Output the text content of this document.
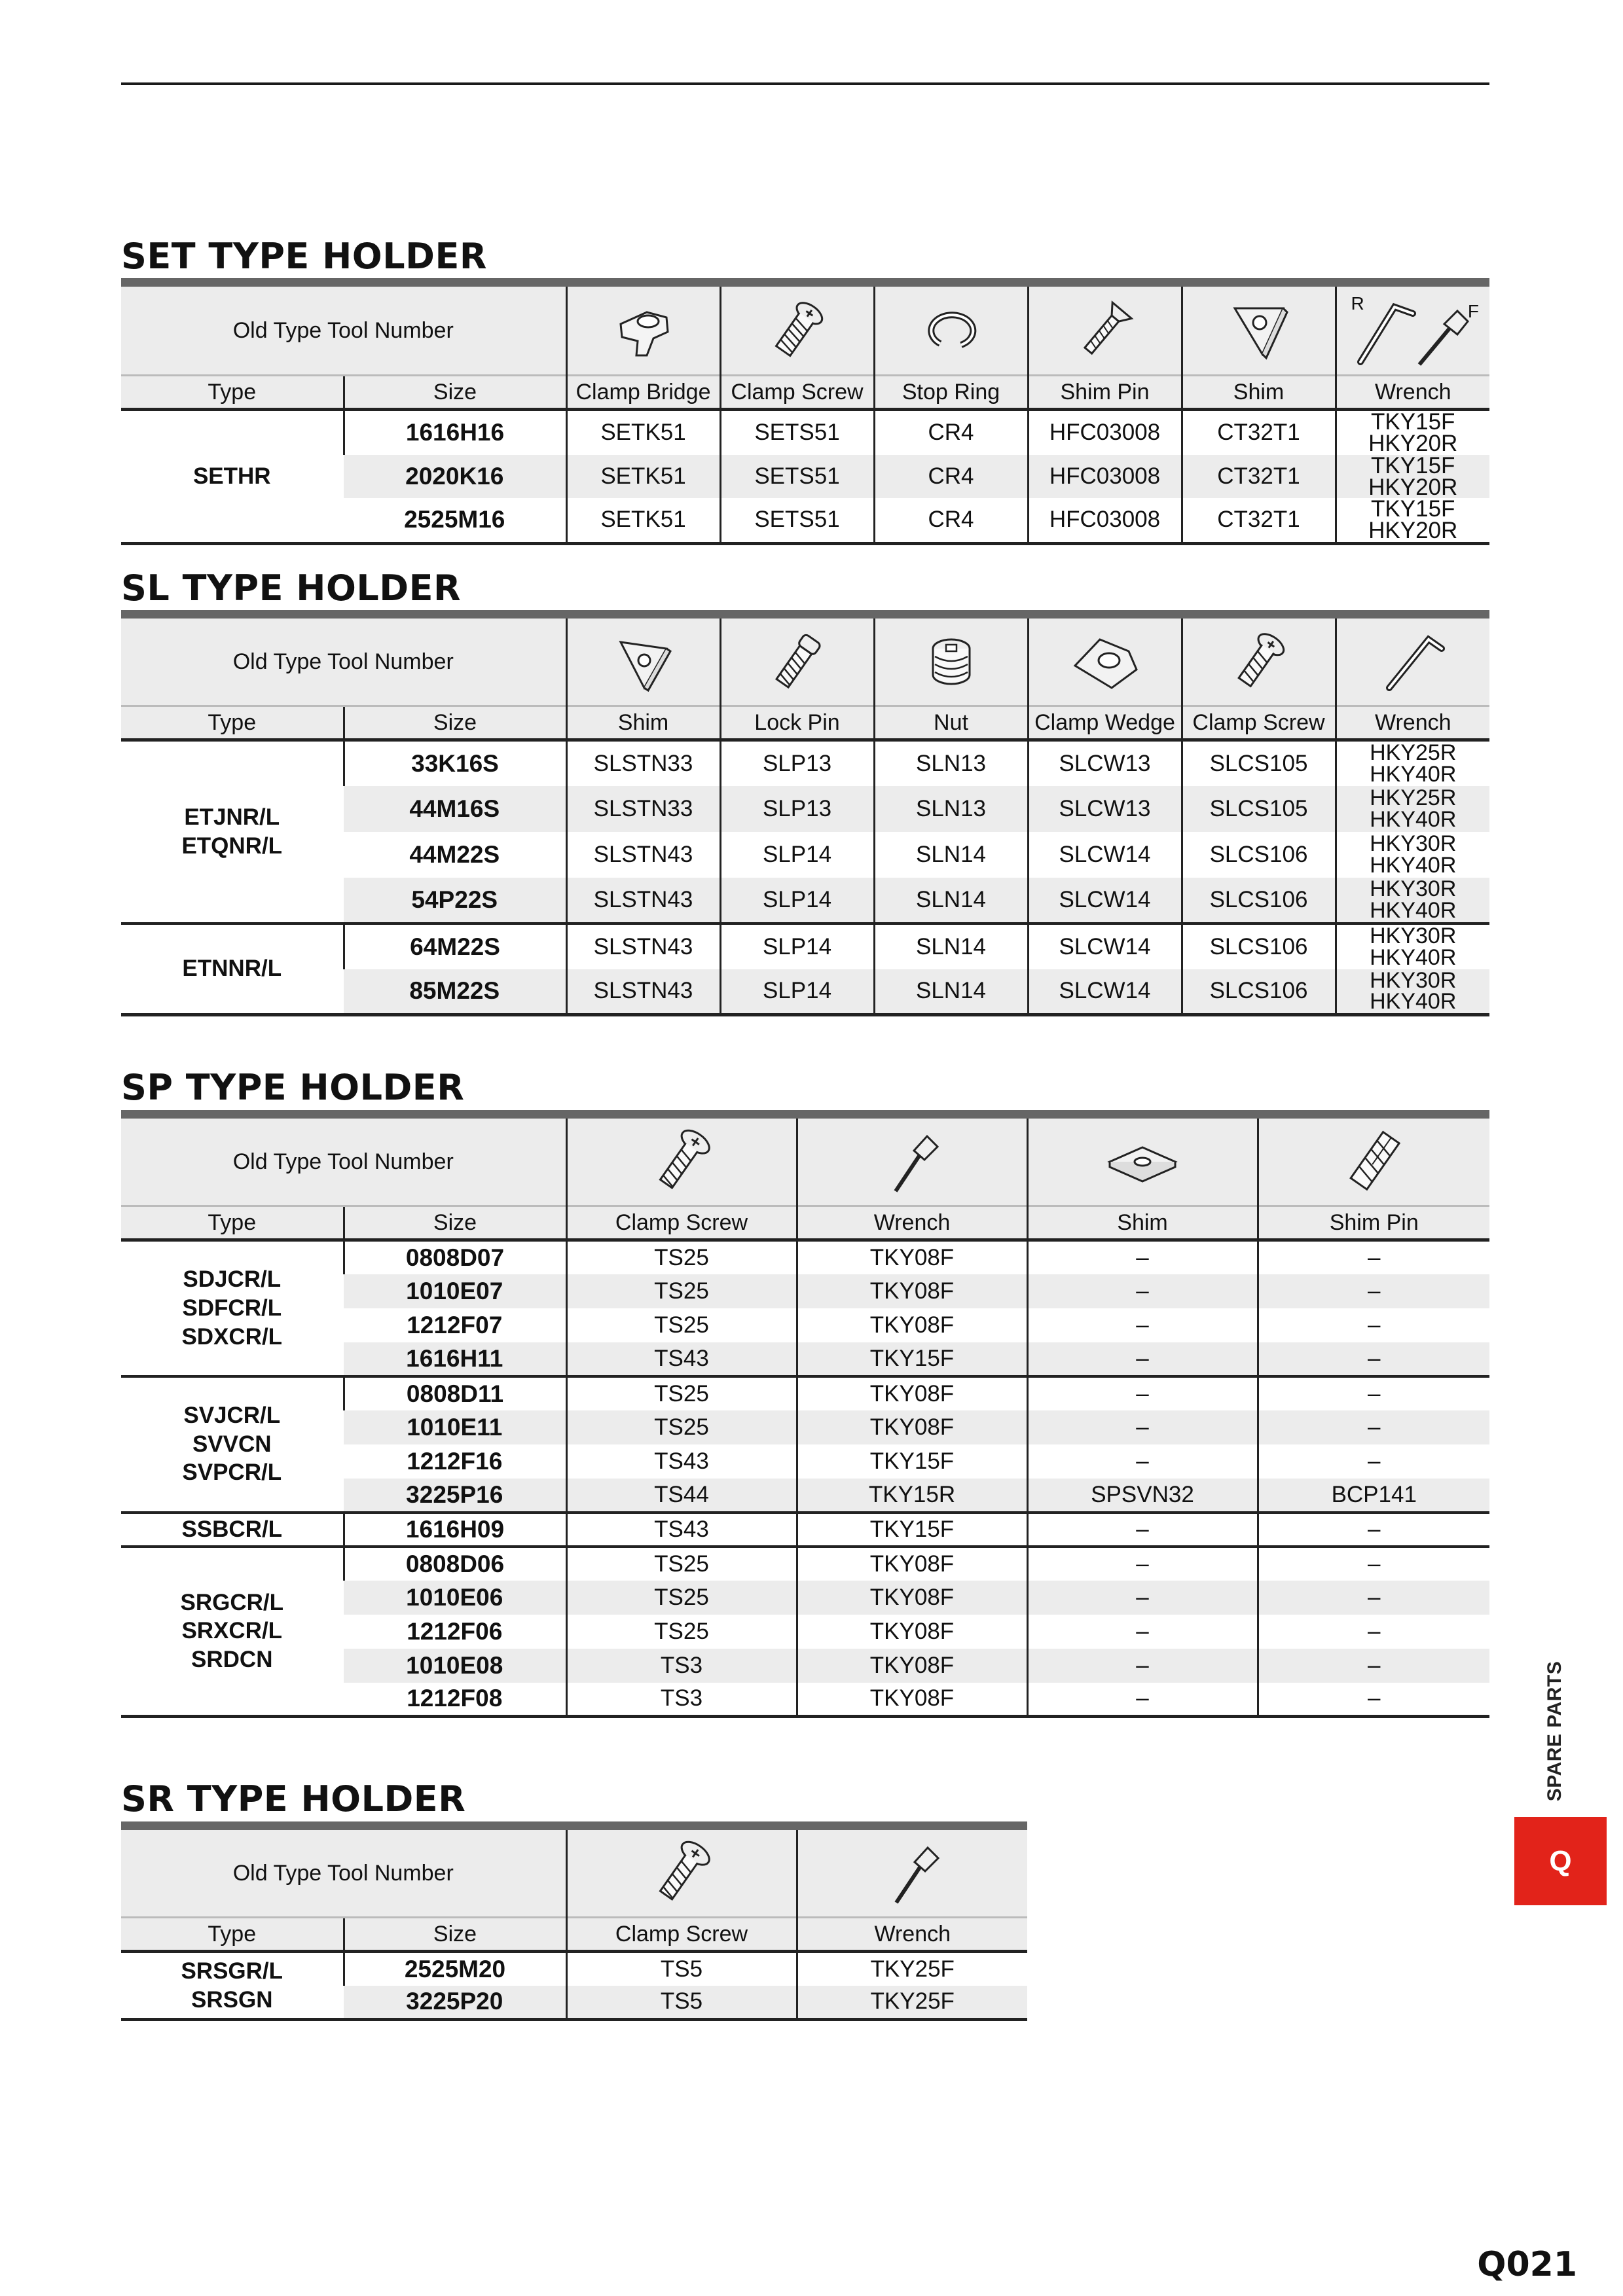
SET TYPE HOLDER
Old Type Tool Number							R F

Type	Size	Clamp Bridge	Clamp Screw	Stop Ring	Shim Pin	Shim	Wrench
SETHR	1616H16	SETK51	SETS51	CR4	HFC03008	CT32T1	TKY15F
HKY20R

	2020K16	SETK51	SETS51	CR4	HFC03008	CT32T1	TKY15F
HKY20R

	2525M16	SETK51	SETS51	CR4	HFC03008	CT32T1	TKY15F
HKY20R
SL TYPE HOLDER
Old Type Tool Number	

Type	Size	Shim	Lock Pin	Nut	Clamp Wedge	Clamp Screw	Wrench

ETJNR/L
ETQNR/L	33K16S	SLSTN33	SLP13	SLN13	SLCW13	SLCS105	HKY25R
HKY40R

	44M16S	SLSTN33	SLP13	SLN13	SLCW13	SLCS105	HKY25R
HKY40R

	44M22S	SLSTN43	SLP14	SLN14	SLCW14	SLCS106	HKY30R
HKY40R

	54P22S	SLSTN43	SLP14	SLN14	SLCW14	SLCS106	HKY30R
HKY40R

ETNNR/L	64M22S	SLSTN43	SLP14	SLN14	SLCW14	SLCS106	HKY30R
HKY40R

	85M22S	SLSTN43	SLP14	SLN14	SLCW14	SLCS106	HKY30R
HKY40R
SP TYPE HOLDER
Old Type Tool Number	

Type	Size	Clamp Screw	Wrench	Shim	Shim Pin

SDJCR/L
SDFCR/L
SDXCR/L	0808D07	TS25	TKY08F	–	–
	1010E07	TS25	TKY08F	–	–
	1212F07	TS25	TKY08F	–	–
	1616H11	TS43	TKY15F	–	–

SVJCR/L
SVVCN
SVPCR/L	0808D11	TS25	TKY08F	–	–
	1010E11	TS25	TKY08F	–	–
	1212F16	TS43	TKY15F	–	–
	3225P16	TS44	TKY15R	SPSVN32	BCP141

SSBCR/L	1616H09	TS43	TKY15F	–	–

SRGCR/L
SRXCR/L
SRDCN	0808D06	TS25	TKY08F	–	–
	1010E06	TS25	TKY08F	–	–
	1212F06	TS25	TKY08F	–	–
	1010E08	TS3	TKY08F	–	–
	1212F08	TS3	TKY08F	–	–
SR TYPE HOLDER
Old Type Tool Number	

Type	Size	Clamp Screw	Wrench

SRSGR/L
SRSGN	2525M20	TS5	TKY25F
	3225P20	TS5	TKY25F
SPARE PARTS
Q
Q021
